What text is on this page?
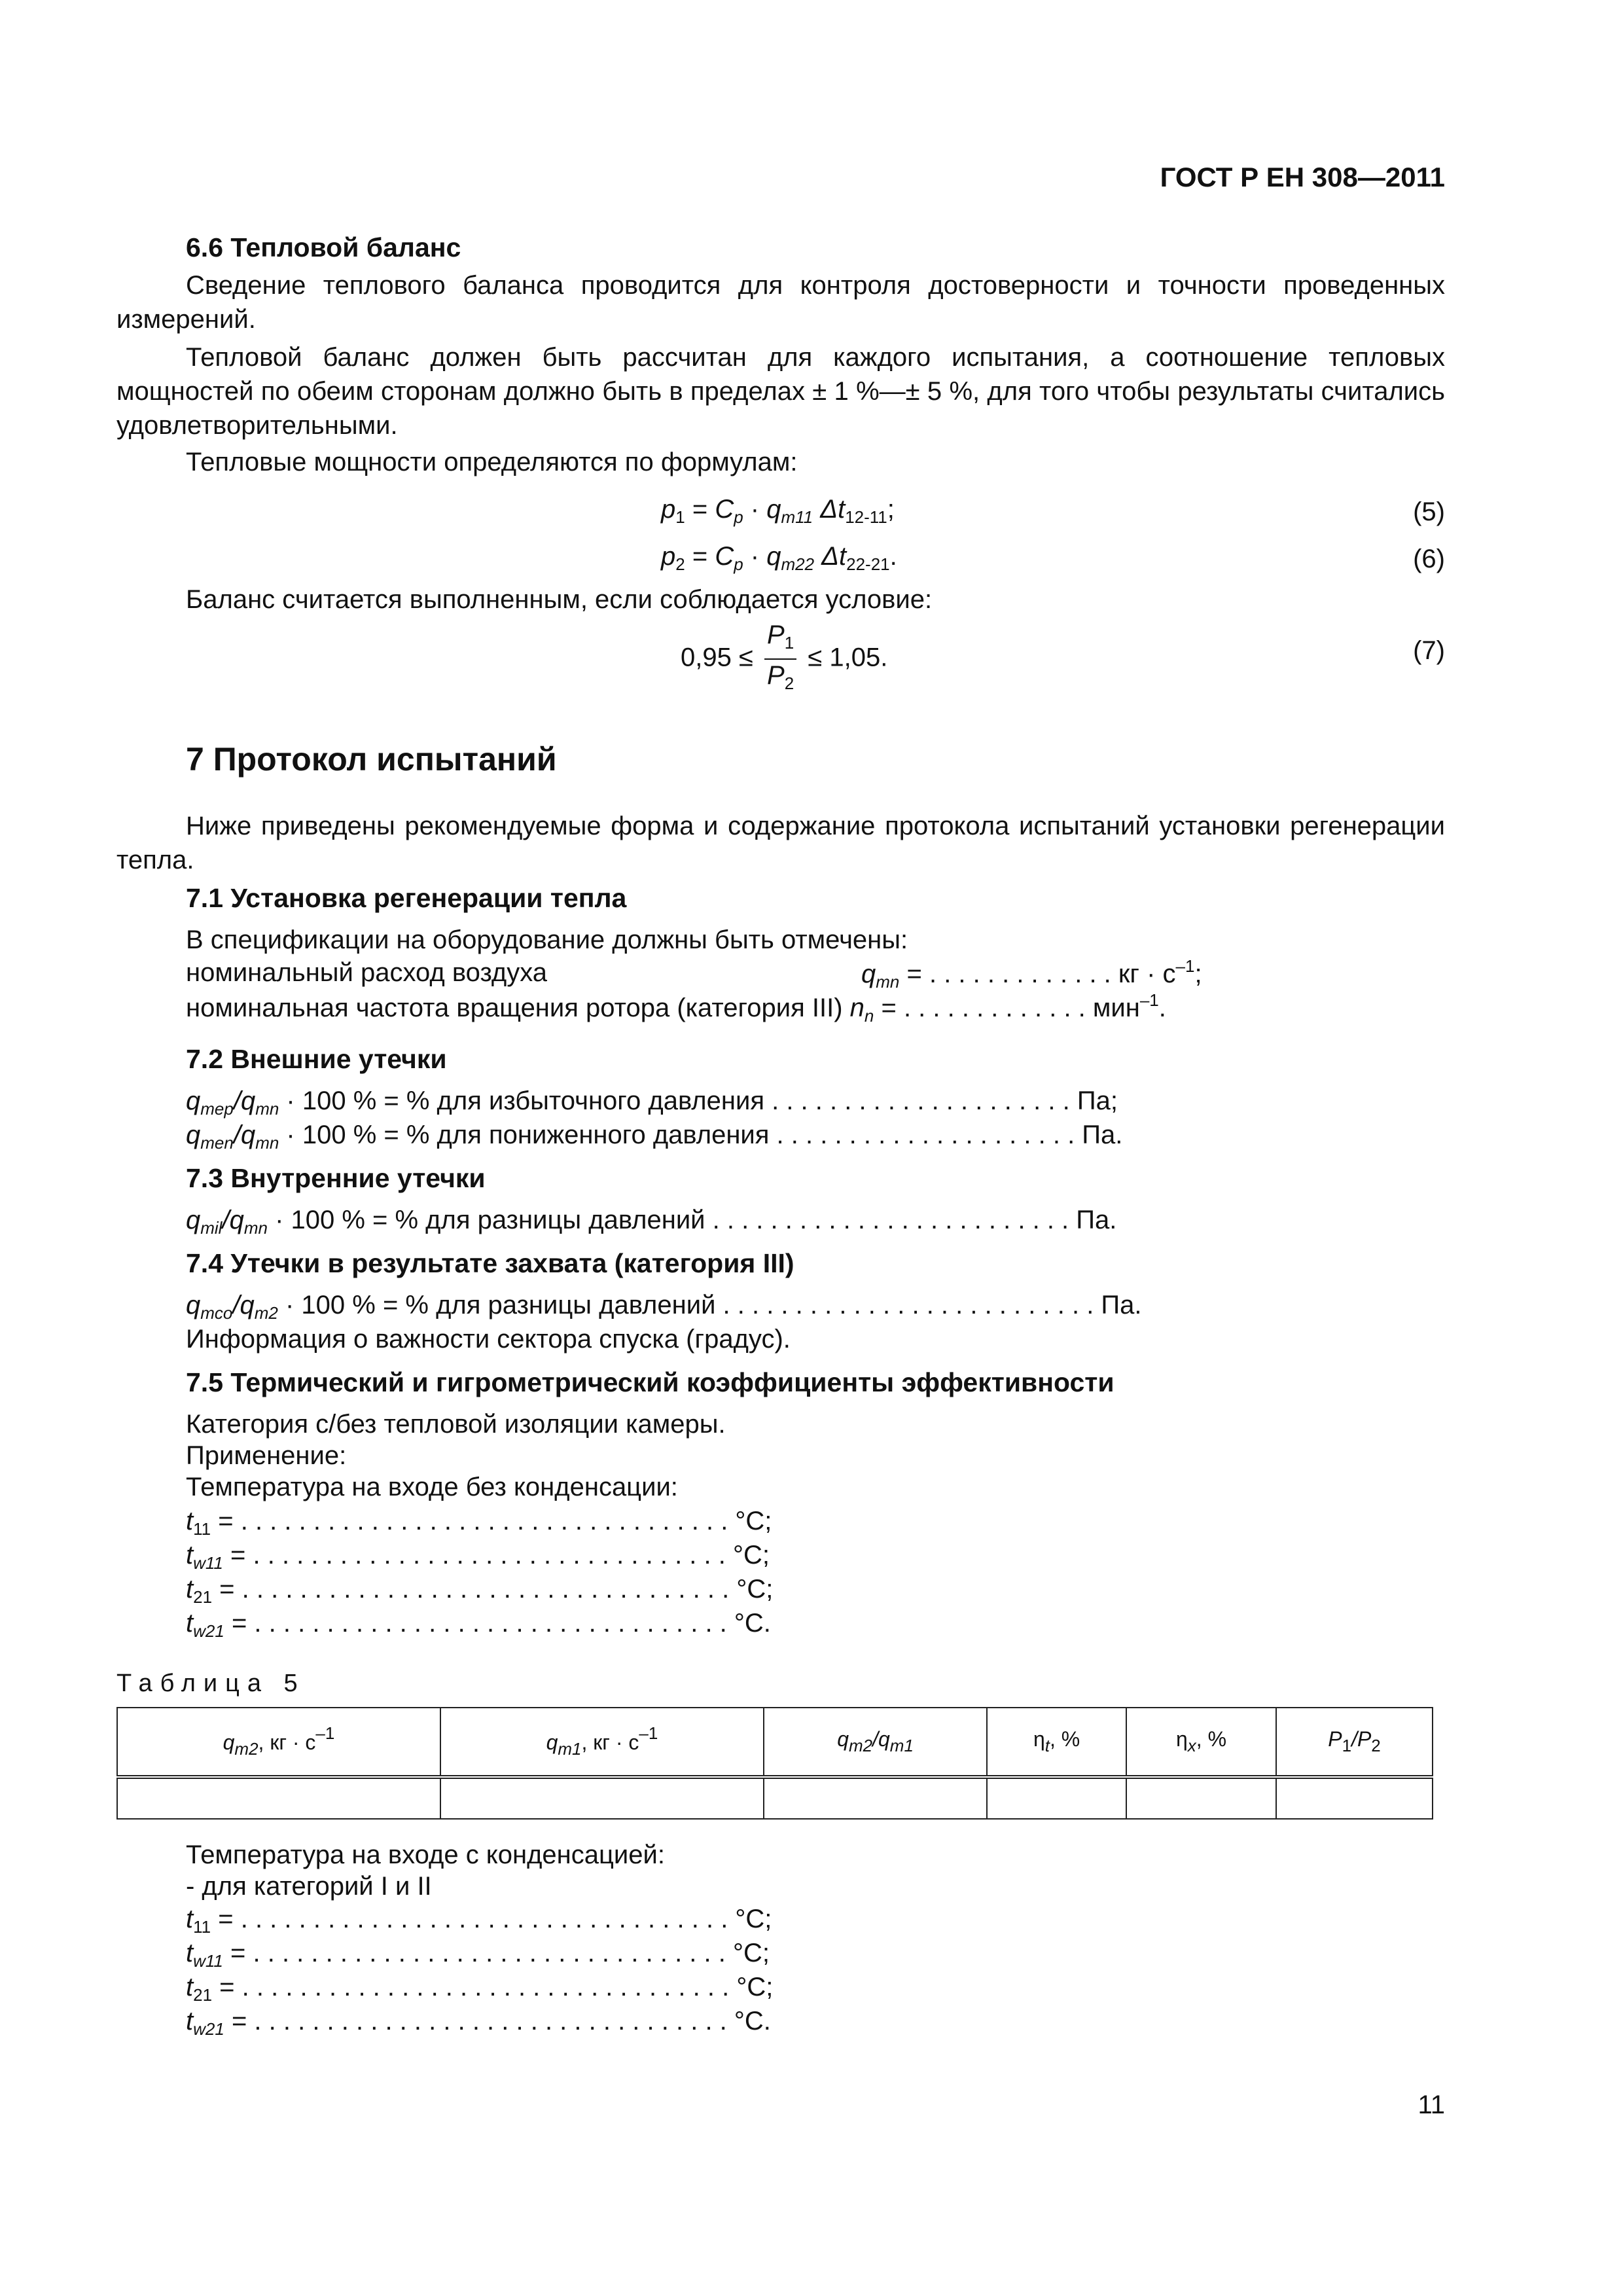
ГОСТ Р ЕН 308—2011
6.6 Тепловой баланс
Сведение теплового баланса проводится для контроля достоверности и точности проведенных измерений.
Тепловой баланс должен быть рассчитан для каждого испытания, а соотношение тепловых мощностей по обеим сторонам должно быть в пределах ± 1 %—± 5 %, для того чтобы результаты считались удовлетворительными.
Тепловые мощности определяются по формулам:
$p_1 = C_p \cdot q_{m11}$ $\Delta t_{12-11}$;	(5)
$p_2 = C_p \cdot q_{m22}$ $\Delta t_{22-21}$.	(6)
Баланс считается выполненным, если соблюдается условие:
$0,95 \le \frac{P_1}{P_2} \le 1,05$.	(7)
7 Протокол испытаний
Ниже приведены рекомендуемые форма и содержание протокола испытаний установки регенерации тепла.
7.1 Установка регенерации тепла
В спецификации на оборудование должны быть отмечены:
номинальный расход воздуха	$q_{mn}$ = . . . . . . . . . . . . . кг · $с^{-1}$;
номинальная частота вращения ротора (категория III) $n_n$ = . . . . . . . . . . . . . мин$^{-1}$.
7.2 Внешние утечки
$q_{mep}/q_{mn} \cdot 100$ % = % для избыточного давления . . . . . . . . . . . . . . . . . . . . . Па;
$q_{men}/q_{mn} \cdot 100$ % = % для пониженного давления . . . . . . . . . . . . . . . . . . . . . Па.
7.3 Внутренние утечки
$q_{mil}/q_{mn} \cdot 100$ % = % для разницы давлений . . . . . . . . . . . . . . . . . . . . . . . . . Па.
7.4 Утечки в результате захвата (категория III)
$q_{mco}/q_{m2} \cdot 100$ % = % для разницы давлений . . . . . . . . . . . . . . . . . . . . . . . . . . Па.
Информация о важности сектора спуска (градус).
7.5 Термический и гигрометрический коэффициенты эффективности
Категория с/без тепловой изоляции камеры.
Применение:
Температура на входе без конденсации:
$t_{11}$ = . . . . . . . . . . . . . . . . . . . . . . . . . . . . . . . . . . °С;
$t_{w11}$ = . . . . . . . . . . . . . . . . . . . . . . . . . . . . . . . . . °С;
$t_{21}$ = . . . . . . . . . . . . . . . . . . . . . . . . . . . . . . . . . . °С;
$t_{w21}$ = . . . . . . . . . . . . . . . . . . . . . . . . . . . . . . . . . °С.
Таблица 5
$q_{m2}$, кг · $с^{-1}$	$q_{m1}$, кг · $с^{-1}$	$q_{m2}/q_{m1}$	$\eta_t$, %	$\eta_x$, %	$P_1/P_2$

Температура на входе с конденсацией:
- для категорий I и II
$t_{11}$ = . . . . . . . . . . . . . . . . . . . . . . . . . . . . . . . . . . °С;
$t_{w11}$ = . . . . . . . . . . . . . . . . . . . . . . . . . . . . . . . . . °С;
$t_{21}$ = . . . . . . . . . . . . . . . . . . . . . . . . . . . . . . . . . . °С;
$t_{w21}$ = . . . . . . . . . . . . . . . . . . . . . . . . . . . . . . . . . °С.
11
